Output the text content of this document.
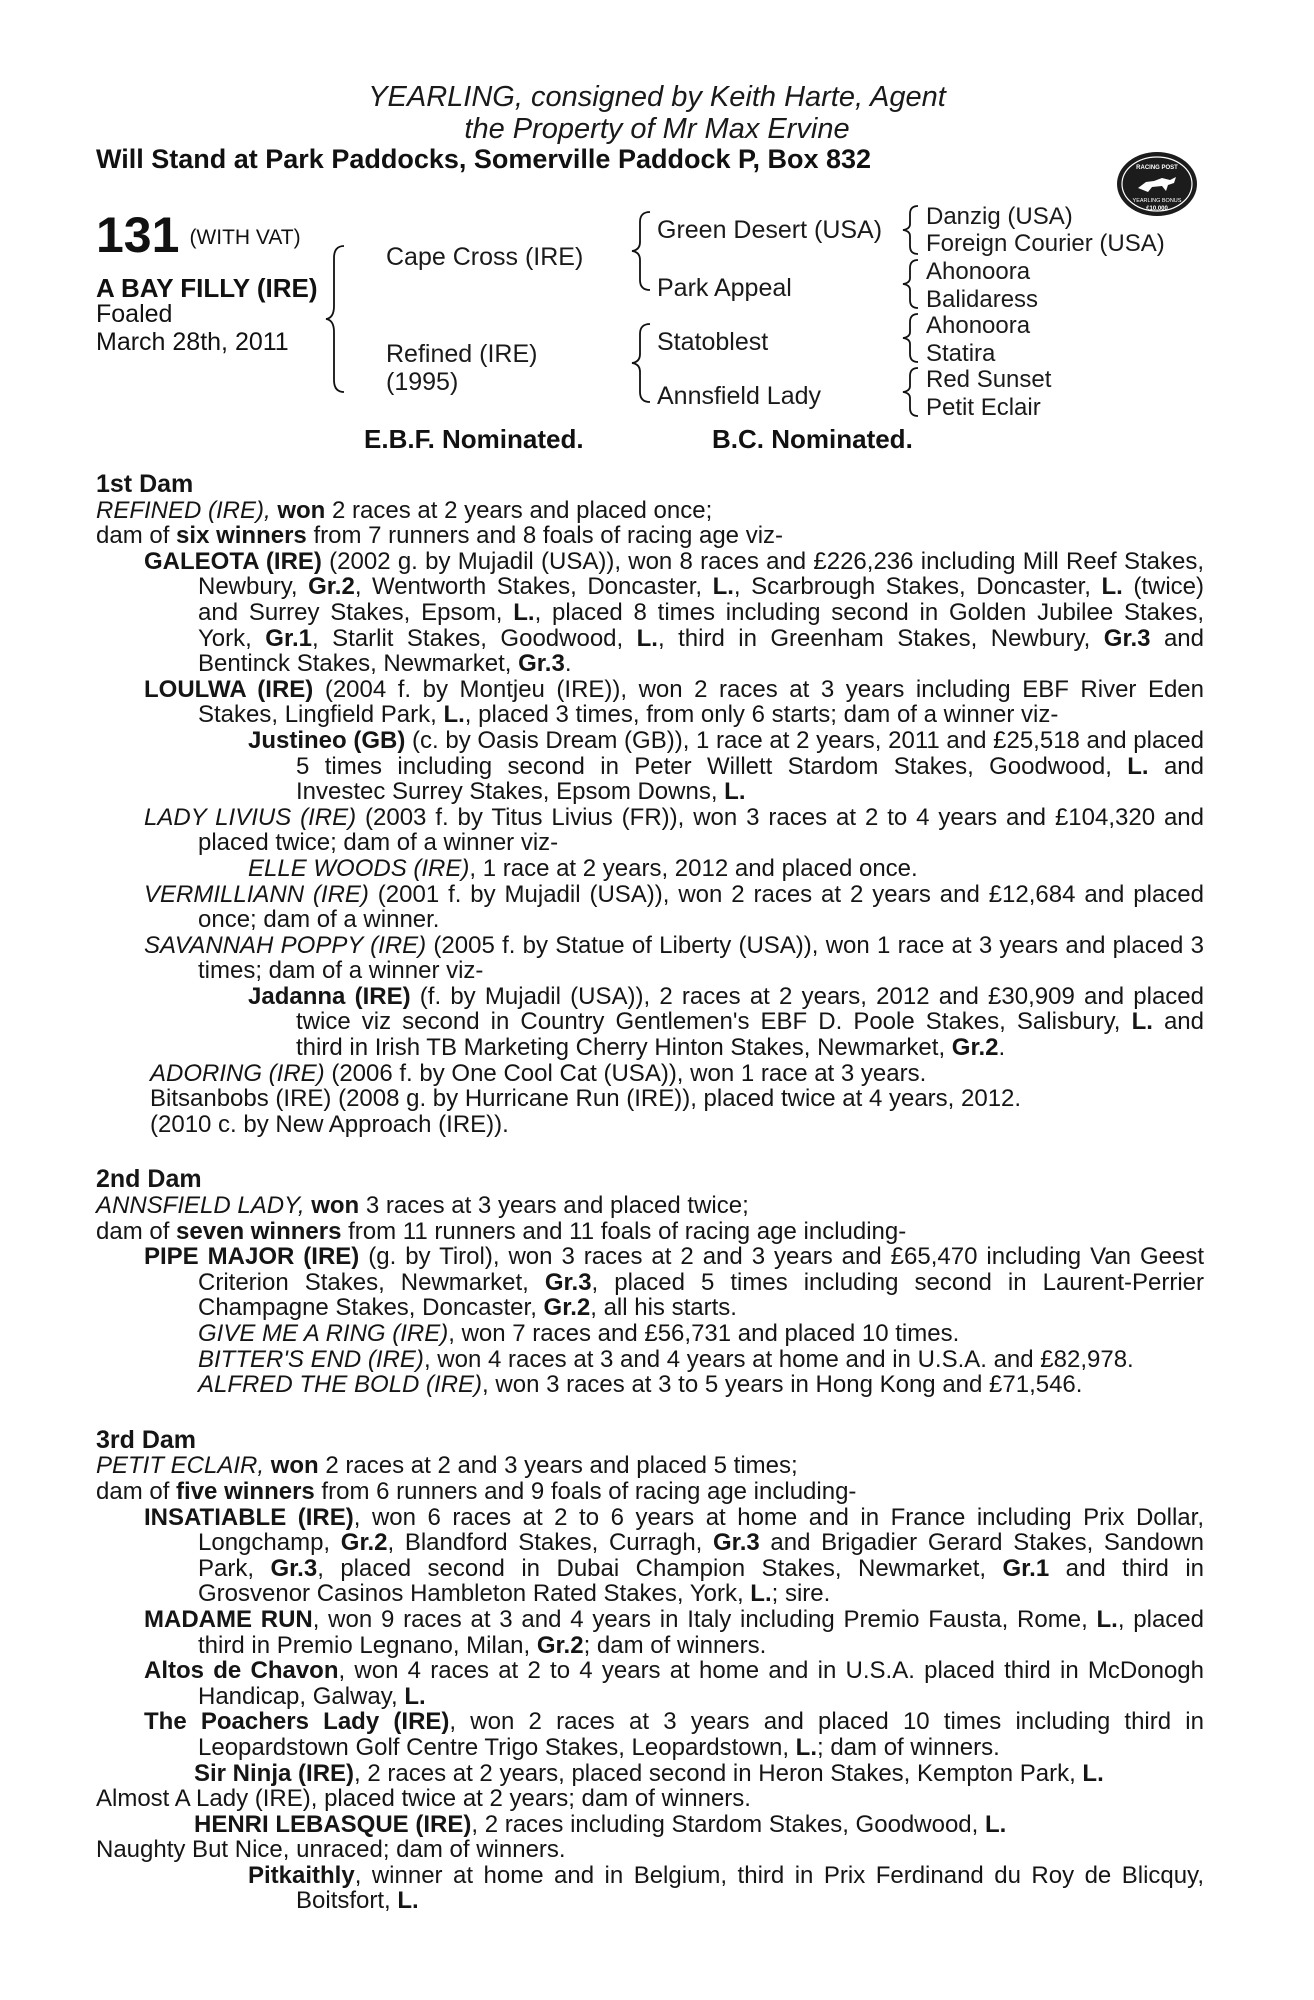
YEARLING, consigned by Keith Harte, Agent
the Property of Mr Max Ervine
Will Stand at Park Paddocks, Somerville Paddock P, Box 832	RACING POST
YEARLING BONUS
£10,000
131 (WITH VAT)
A BAY FILLY (IRE)
Foaled
March 28th, 2011
Cape Cross (IRE)
Refined (IRE)
(1995)
Green Desert (USA)
Park Appeal
Statoblest
Annsfield Lady
Danzig (USA)
Foreign Courier (USA)
Ahonoora
Balidaress
Ahonoora
Statira
Red Sunset
Petit Eclair
E.B.F. Nominated.	B.C. Nominated.
1st Dam
REFINED (IRE), won 2 races at 2 years and placed once;
dam of six winners from 7 runners and 8 foals of racing age viz-
GALEOTA (IRE) (2002 g. by Mujadil (USA)), won 8 races and £226,236 including Mill Reef Stakes, Newbury, Gr.2, Wentworth Stakes, Doncaster, L., Scarbrough Stakes, Doncaster, L. (twice) and Surrey Stakes, Epsom, L., placed 8 times including second in Golden Jubilee Stakes, York, Gr.1, Starlit Stakes, Goodwood, L., third in Greenham Stakes, Newbury, Gr.3 and Bentinck Stakes, Newmarket, Gr.3.
LOULWA (IRE) (2004 f. by Montjeu (IRE)), won 2 races at 3 years including EBF River Eden Stakes, Lingfield Park, L., placed 3 times, from only 6 starts; dam of a winner viz-
Justineo (GB) (c. by Oasis Dream (GB)), 1 race at 2 years, 2011 and £25,518 and placed 5 times including second in Peter Willett Stardom Stakes, Goodwood, L. and Investec Surrey Stakes, Epsom Downs, L.
LADY LIVIUS (IRE) (2003 f. by Titus Livius (FR)), won 3 races at 2 to 4 years and £104,320 and placed twice; dam of a winner viz-
ELLE WOODS (IRE), 1 race at 2 years, 2012 and placed once.
VERMILLIANN (IRE) (2001 f. by Mujadil (USA)), won 2 races at 2 years and £12,684 and placed once; dam of a winner.
SAVANNAH POPPY (IRE) (2005 f. by Statue of Liberty (USA)), won 1 race at 3 years and placed 3 times; dam of a winner viz-
Jadanna (IRE) (f. by Mujadil (USA)), 2 races at 2 years, 2012 and £30,909 and placed twice viz second in Country Gentlemen's EBF D. Poole Stakes, Salisbury, L. and third in Irish TB Marketing Cherry Hinton Stakes, Newmarket, Gr.2.
ADORING (IRE) (2006 f. by One Cool Cat (USA)), won 1 race at 3 years.
Bitsanbobs (IRE) (2008 g. by Hurricane Run (IRE)), placed twice at 4 years, 2012.
(2010 c. by New Approach (IRE)).
2nd Dam
ANNSFIELD LADY, won 3 races at 3 years and placed twice;
dam of seven winners from 11 runners and 11 foals of racing age including-
PIPE MAJOR (IRE) (g. by Tirol), won 3 races at 2 and 3 years and £65,470 including Van Geest Criterion Stakes, Newmarket, Gr.3, placed 5 times including second in Laurent-Perrier Champagne Stakes, Doncaster, Gr.2, all his starts.
GIVE ME A RING (IRE), won 7 races and £56,731 and placed 10 times.
BITTER'S END (IRE), won 4 races at 3 and 4 years at home and in U.S.A. and £82,978.
ALFRED THE BOLD (IRE), won 3 races at 3 to 5 years in Hong Kong and £71,546.
3rd Dam
PETIT ECLAIR, won 2 races at 2 and 3 years and placed 5 times;
dam of five winners from 6 runners and 9 foals of racing age including-
INSATIABLE (IRE), won 6 races at 2 to 6 years at home and in France including Prix Dollar, Longchamp, Gr.2, Blandford Stakes, Curragh, Gr.3 and Brigadier Gerard Stakes, Sandown Park, Gr.3, placed second in Dubai Champion Stakes, Newmarket, Gr.1 and third in Grosvenor Casinos Hambleton Rated Stakes, York, L.; sire.
MADAME RUN, won 9 races at 3 and 4 years in Italy including Premio Fausta, Rome, L., placed third in Premio Legnano, Milan, Gr.2; dam of winners.
Altos de Chavon, won 4 races at 2 to 4 years at home and in U.S.A. placed third in McDonogh Handicap, Galway, L.
The Poachers Lady (IRE), won 2 races at 3 years and placed 10 times including third in Leopardstown Golf Centre Trigo Stakes, Leopardstown, L.; dam of winners.
Sir Ninja (IRE), 2 races at 2 years, placed second in Heron Stakes, Kempton Park, L.
Almost A Lady (IRE), placed twice at 2 years; dam of winners.
HENRI LEBASQUE (IRE), 2 races including Stardom Stakes, Goodwood, L.
Naughty But Nice, unraced; dam of winners.
Pitkaithly, winner at home and in Belgium, third in Prix Ferdinand du Roy de Blicquy, Boitsfort, L.
